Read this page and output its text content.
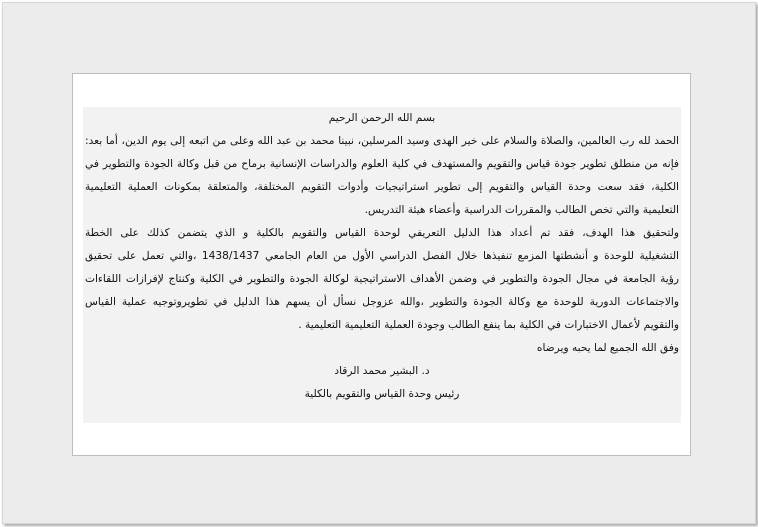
بسم الله الرحمن الرحيم
الحمد لله رب العالمين، والصلاة والسلام على خير الهدى وسيد المرسلين، نبينا محمد بن عبد الله وعلى من اتبعه إلى يوم الدين، أما بعد:
فإنه من منطلق تطوير جودة قياس والتقويم والمستهدف في كلية العلوم والدراسات الإنسانية برماح من قبل وكالة الجودة والتطوير في
الكلية، فقد سعت وحدة القياس والتقويم إلى تطوير استراتيجيات وأدوات التقويم المختلفة، والمتعلقة بمكونات العملية التعليمية
التعليمية والتي تخص الطالب والمقررات الدراسية وأعضاء هيئة التدريس.
ولتحقيق هذا الهدف، فقد تم أعداد هذا الدليل التعريفي لوحدة القياس والتقويم بالكلية و الذي يتضمن كذلك على الخطة
التشغيلية للوحدة و أنشطتها المزمع تنفيذها خلال الفصل الدراسي الأول من العام الجامعي 1438/1437 ،والتي تعمل على تحقيق
رؤية الجامعة في مجال الجودة والتطوير في وضمن الأهداف الاستراتيجية لوكالة الجودة والتطوير في الكلية وكنتاج لإفرازات اللقاءات
والاجتماعات الدورية للوحدة مع وكالة الجودة والتطوير ،والله عزوجل نسأل أن يسهم هذا الدليل في تطويروتوجيه عملية القياس
والتقويم لأعمال الاختبارات في الكلية بما ينفع الطالب وجودة العملية التعليمية التعليمية .
وفق الله الجميع لما يحبه ويرضاه
د. البشير محمد الرقاد
رئيس وحدة القياس والتقويم بالكلية
